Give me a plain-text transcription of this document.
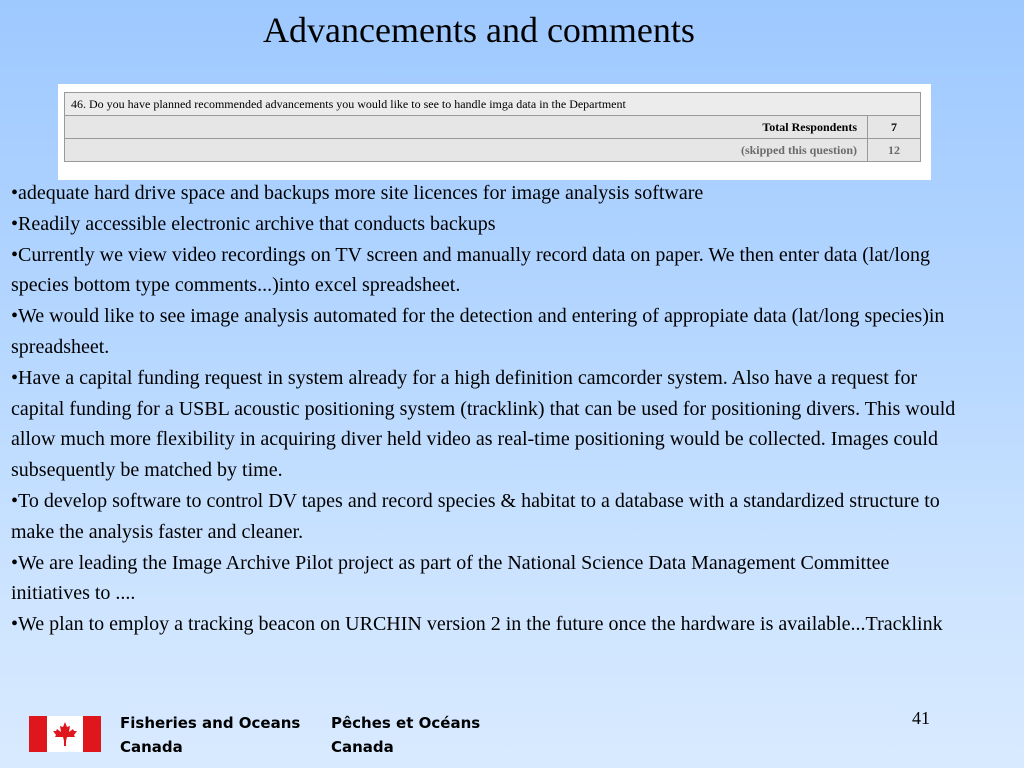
Advancements and comments
46. Do you have planned recommended advancements you would like to see to handle imga data in the Department	
Total Respondents	7
(skipped this question)	12
•adequate hard drive space and backups more site licences for image analysis software
•Readily accessible electronic archive that conducts backups
•Currently we view video recordings on TV screen and manually record data on paper. We then enter data (lat/long species bottom type comments...)into excel spreadsheet.
•We would like to see image analysis automated for the detection and entering of appropiate data (lat/long species)in spreadsheet.
•Have a capital funding request in system already for a high definition camcorder system. Also have a request for capital funding for a USBL acoustic positioning system (tracklink) that can be used for positioning divers. This would allow much more flexibility in acquiring diver held video as real-time positioning would be collected. Images could subsequently be matched by time.
•To develop software to control DV tapes and record species & habitat to a database with a standardized structure to make the analysis faster and cleaner.
•We are leading the Image Archive Pilot project as part of the National Science Data Management Committee initiatives to ....
•We plan to employ a tracking beacon on URCHIN version 2 in the future once the hardware is available...Tracklink
Fisheries and Oceans
Canada
Pêches et Océans
Canada
41
